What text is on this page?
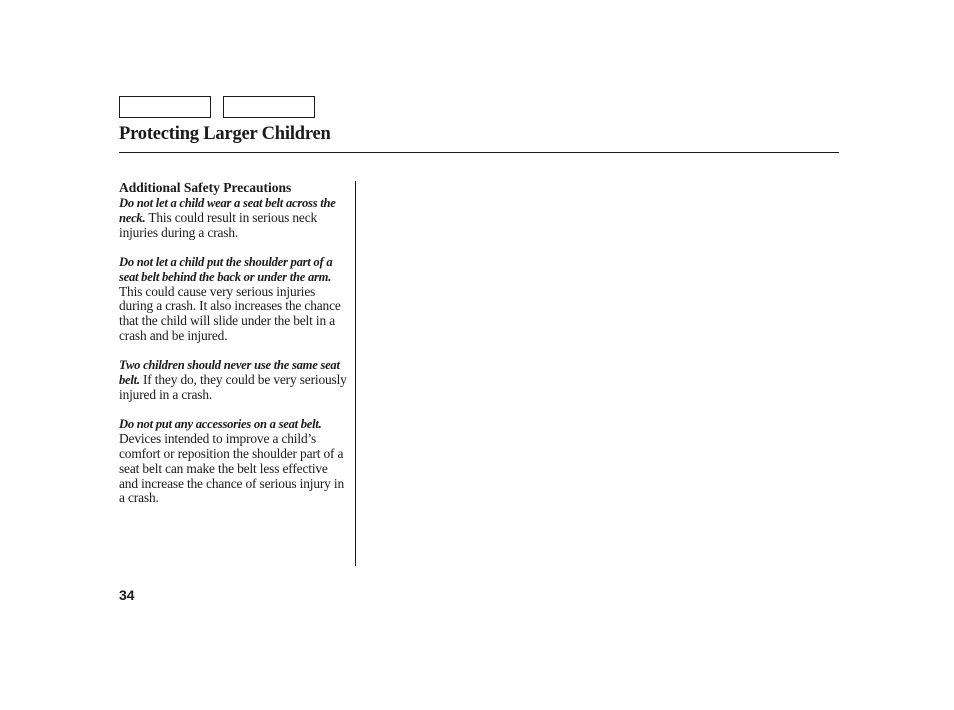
Protecting Larger Children
Additional Safety Precautions

Do not let a child wear a seat belt across the neck. This could result in serious neck injuries during a crash.

Do not let a child put the shoulder part of a seat belt behind the back or under the arm. This could cause very serious injuries during a crash. It also increases the chance that the child will slide under the belt in a crash and be injured.

Two children should never use the same seat belt. If they do, they could be very seriously injured in a crash.

Do not put any accessories on a seat belt. Devices intended to improve a child’s comfort or reposition the shoulder part of a seat belt can make the belt less effective and increase the chance of serious injury in a crash.

34
